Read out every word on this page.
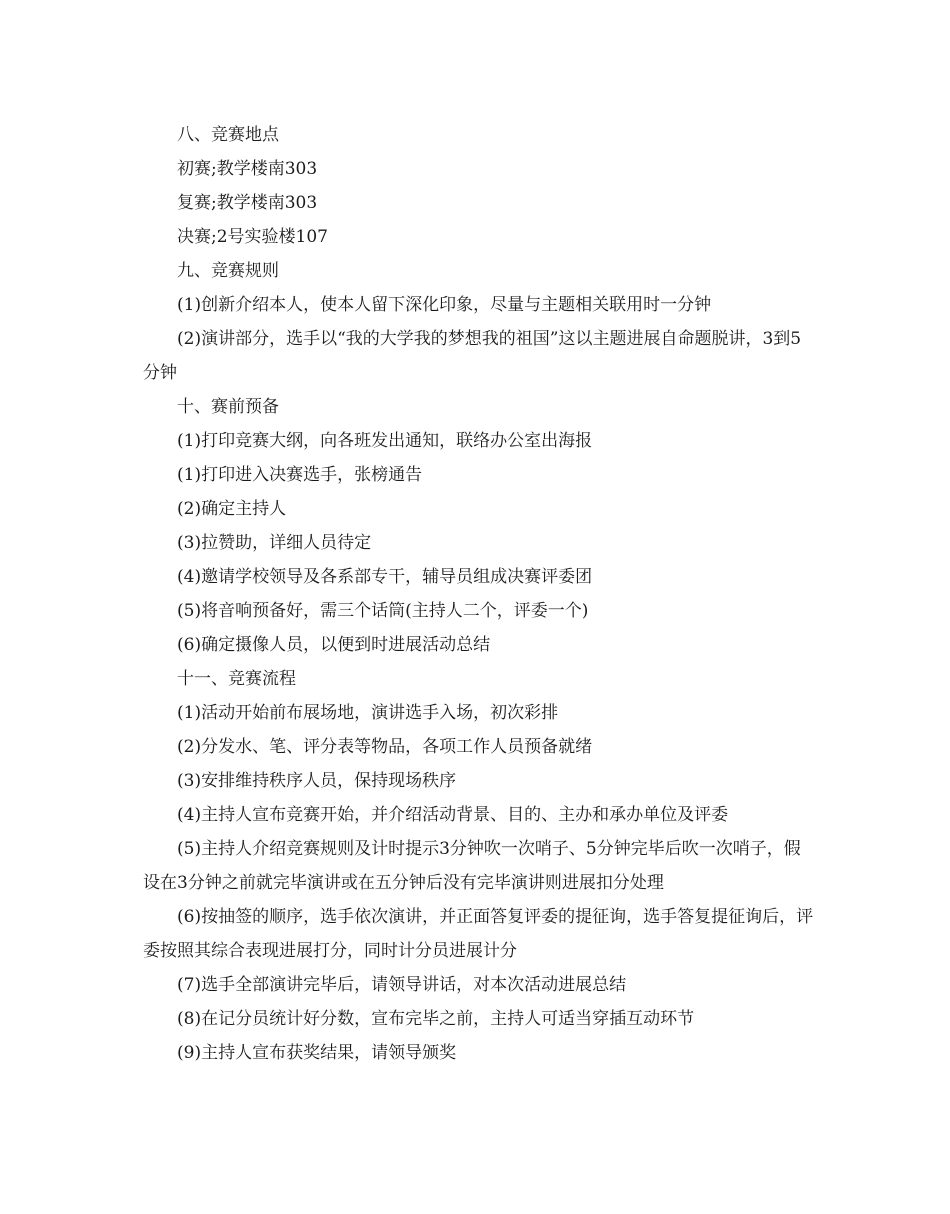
八、竞赛地点

初赛;教学楼南303

复赛;教学楼南303

决赛;2号实验楼107

九、竞赛规则

(1)创新介绍本人，使本人留下深化印象，尽量与主题相关联用时一分钟

(2)演讲部分，选手以“我的大学我的梦想我的祖国”这以主题进展自命题脱讲，3到5分钟

十、赛前预备

(1)打印竞赛大纲，向各班发出通知，联络办公室出海报

(1)打印进入决赛选手，张榜通告

(2)确定主持人

(3)拉赞助，详细人员待定

(4)邀请学校领导及各系部专干，辅导员组成决赛评委团

(5)将音响预备好，需三个话筒(主持人二个，评委一个)

(6)确定摄像人员，以便到时进展活动总结

十一、竞赛流程

(1)活动开始前布展场地，演讲选手入场，初次彩排

(2)分发水、笔、评分表等物品，各项工作人员预备就绪

(3)安排维持秩序人员，保持现场秩序

(4)主持人宣布竞赛开始，并介绍活动背景、目的、主办和承办单位及评委

(5)主持人介绍竞赛规则及计时提示3分钟吹一次哨子、5分钟完毕后吹一次哨子，假设在3分钟之前就完毕演讲或在五分钟后没有完毕演讲则进展扣分处理

(6)按抽签的顺序，选手依次演讲，并正面答复评委的提征询，选手答复提征询后，评委按照其综合表现进展打分，同时计分员进展计分

(7)选手全部演讲完毕后，请领导讲话，对本次活动进展总结

(8)在记分员统计好分数，宣布完毕之前，主持人可适当穿插互动环节

(9)主持人宣布获奖结果，请领导颁奖
